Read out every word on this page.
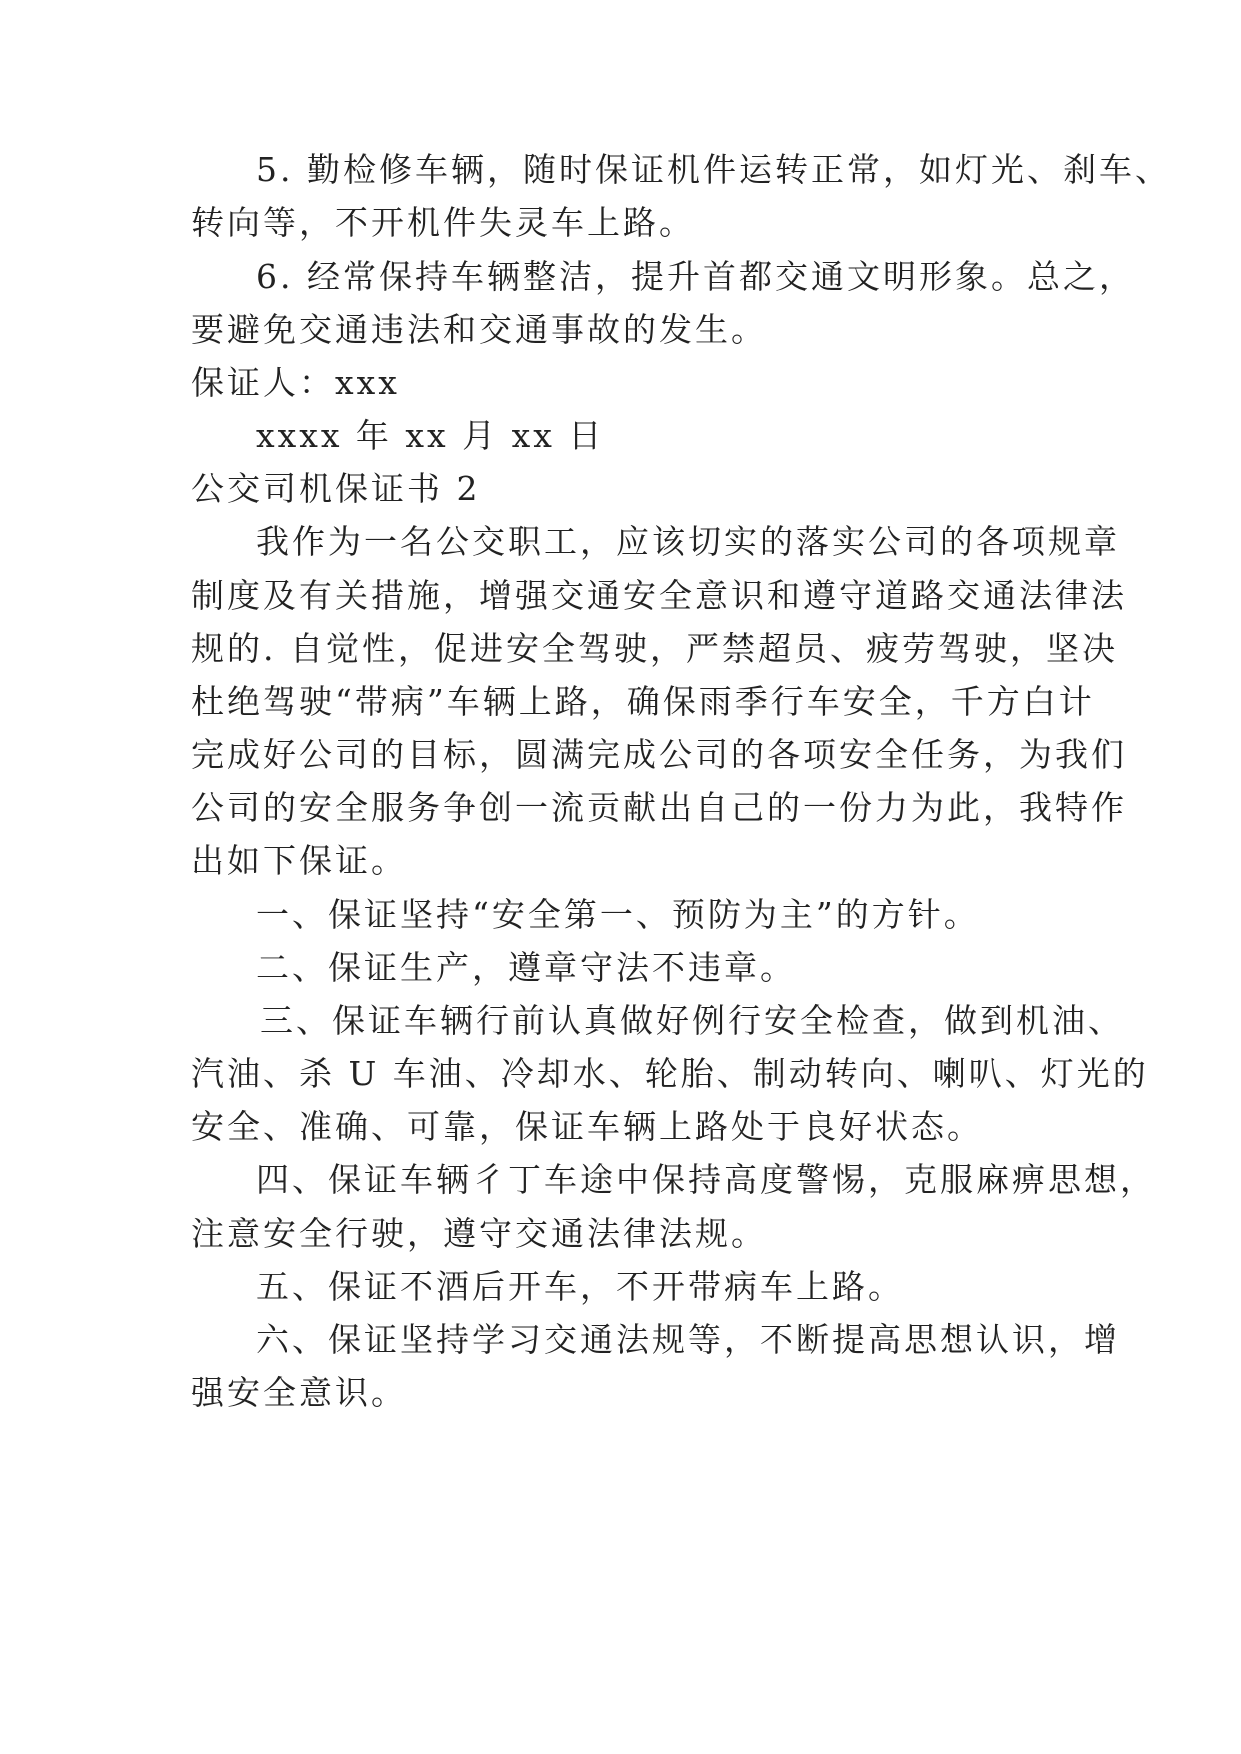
5. 勤检修车辆，随时保证机件运转正常，如灯光、刹车、
转向等，不开机件失灵车上路。
6. 经常保持车辆整洁，提升首都交通文明形象。总之，
要避免交通违法和交通事故的发生。
保证人：xxx
xxxx 年 xx 月 xx 日
公交司机保证书 2
我作为一名公交职工，应该切实的落实公司的各项规章
制度及有关措施，增强交通安全意识和遵守道路交通法律法
规的. 自觉性，促进安全驾驶，严禁超员、疲劳驾驶，坚决
杜绝驾驶“带病”车辆上路，确保雨季行车安全，千方白计
完成好公司的目标，圆满完成公司的各项安全任务，为我们
公司的安全服务争创一流贡献出自己的一份力为此，我特作
出如下保证。
一、保证坚持“安全第一、预防为主”的方针。
二、保证生产，遵章守法不违章。
三、保证车辆行前认真做好例行安全检查，做到机油、
汽油、杀 U 车油、冷却水、轮胎、制动转向、喇叭、灯光的
安全、准确、可靠，保证车辆上路处于良好状态。
四、保证车辆彳丁车途中保持高度警惕，克服麻痹思想，
注意安全行驶，遵守交通法律法规。
五、保证不酒后开车，不开带病车上路。
六、保证坚持学习交通法规等，不断提高思想认识，增
强安全意识。
